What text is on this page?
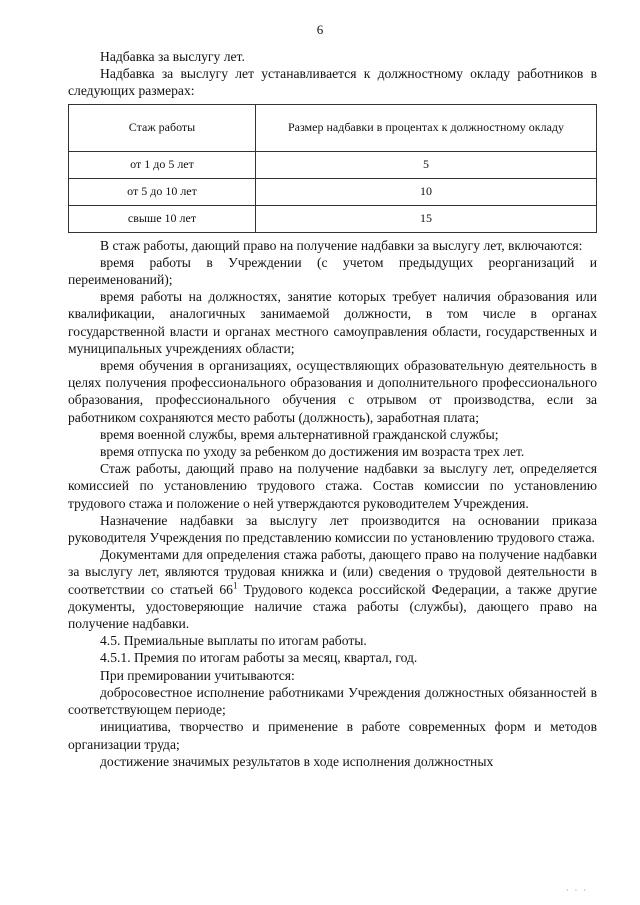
6

Надбавка за выслугу лет.

Надбавка за выслугу лет устанавливается к должностному окладу работников в следующих размерах:

Стаж работы	Размер надбавки в процентах к должностному окладу
от 1 до 5 лет	5
от 5 до 10 лет	10
свыше 10 лет	15

В стаж работы, дающий право на получение надбавки за выслугу лет, включаются:

время работы в Учреждении (с учетом предыдущих реорганизаций и переименований);

время работы на должностях, занятие которых требует наличия образования или квалификации, аналогичных занимаемой должности, в том числе в органах государственной власти и органах местного самоуправления области, государственных и муниципальных учреждениях области;

время обучения в организациях, осуществляющих образовательную деятельность в целях получения профессионального образования и дополнительного профессионального образования, профессионального обучения с отрывом от производства, если за работником сохраняются место работы (должность), заработная плата;

время военной службы, время альтернативной гражданской службы;

время отпуска по уходу за ребенком до достижения им возраста трех лет.

Стаж работы, дающий право на получение надбавки за выслугу лет, определяется комиссией по установлению трудового стажа. Состав комиссии по установлению трудового стажа и положение о ней утверждаются руководителем Учреждения.

Назначение надбавки за выслугу лет производится на основании приказа руководителя Учреждения по представлению комиссии по установлению трудового стажа.

Документами для определения стажа работы, дающего право на получение надбавки за выслугу лет, являются трудовая книжка и (или) сведения о трудовой деятельности в соответствии со статьей $66^1$ Трудового кодекса российской Федерации, а также другие документы, удостоверяющие наличие стажа работы (службы), дающего право на получение надбавки.

4.5. Премиальные выплаты по итогам работы.

4.5.1. Премия по итогам работы за месяц, квартал, год.

При премировании учитываются:

добросовестное исполнение работниками Учреждения должностных обязанностей в соответствующем периоде;

инициатива, творчество и применение в работе современных форм и методов организации труда;

достижение значимых результатов в ходе исполнения должностных

· · ·
